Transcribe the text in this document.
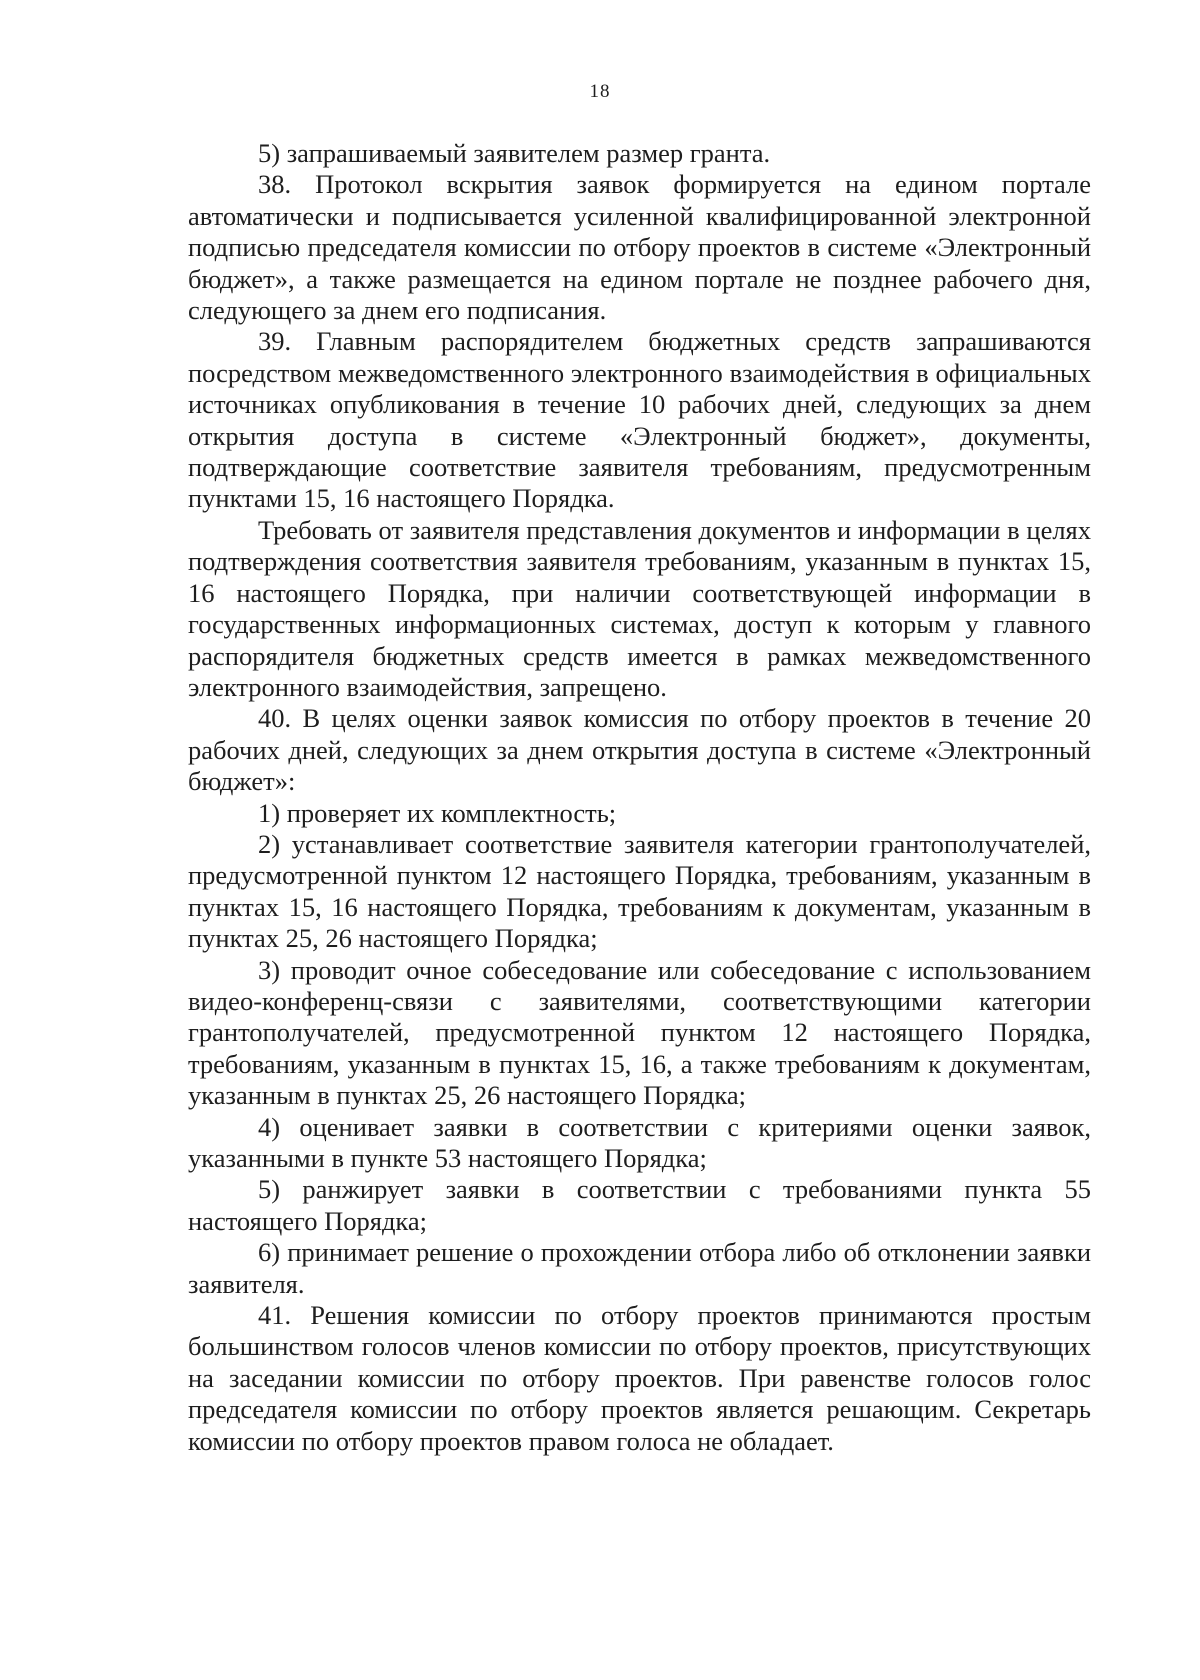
18

5) запрашиваемый заявителем размер гранта.

38. Протокол вскрытия заявок формируется на едином портале автоматически и подписывается усиленной квалифицированной электронной подписью председателя комиссии по отбору проектов в системе «Электронный бюджет», а также размещается на едином портале не позднее рабочего дня, следующего за днем его подписания.

39. Главным распорядителем бюджетных средств запрашиваются посредством межведомственного электронного взаимодействия в официальных источниках опубликования в течение 10 рабочих дней, следующих за днем открытия доступа в системе «Электронный бюджет», документы, подтверждающие соответствие заявителя требованиям, предусмотренным пунктами 15, 16 настоящего Порядка.

Требовать от заявителя представления документов и информации в целях подтверждения соответствия заявителя требованиям, указанным в пунктах 15, 16 настоящего Порядка, при наличии соответствующей информации в государственных информационных системах, доступ к которым у главного распорядителя бюджетных средств имеется в рамках межведомственного электронного взаимодействия, запрещено.

40. В целях оценки заявок комиссия по отбору проектов в течение 20 рабочих дней, следующих за днем открытия доступа в системе «Электронный бюджет»:

1) проверяет их комплектность;

2) устанавливает соответствие заявителя категории грантополучателей, предусмотренной пунктом 12 настоящего Порядка, требованиям, указанным в пунктах 15, 16 настоящего Порядка, требованиям к документам, указанным в пунктах 25, 26 настоящего Порядка;

3) проводит очное собеседование или собеседование с использованием видео-конференц-связи с заявителями, соответствующими категории грантополучателей, предусмотренной пунктом 12 настоящего Порядка, требованиям, указанным в пунктах 15, 16, а также требованиям к документам, указанным в пунктах 25, 26 настоящего Порядка;

4) оценивает заявки в соответствии с критериями оценки заявок, указанными в пункте 53 настоящего Порядка;

5) ранжирует заявки в соответствии с требованиями пункта 55 настоящего Порядка;

6) принимает решение о прохождении отбора либо об отклонении заявки заявителя.

41. Решения комиссии по отбору проектов принимаются простым большинством голосов членов комиссии по отбору проектов, присутствующих на заседании комиссии по отбору проектов. При равенстве голосов голос председателя комиссии по отбору проектов является решающим. Секретарь комиссии по отбору проектов правом голоса не обладает.
